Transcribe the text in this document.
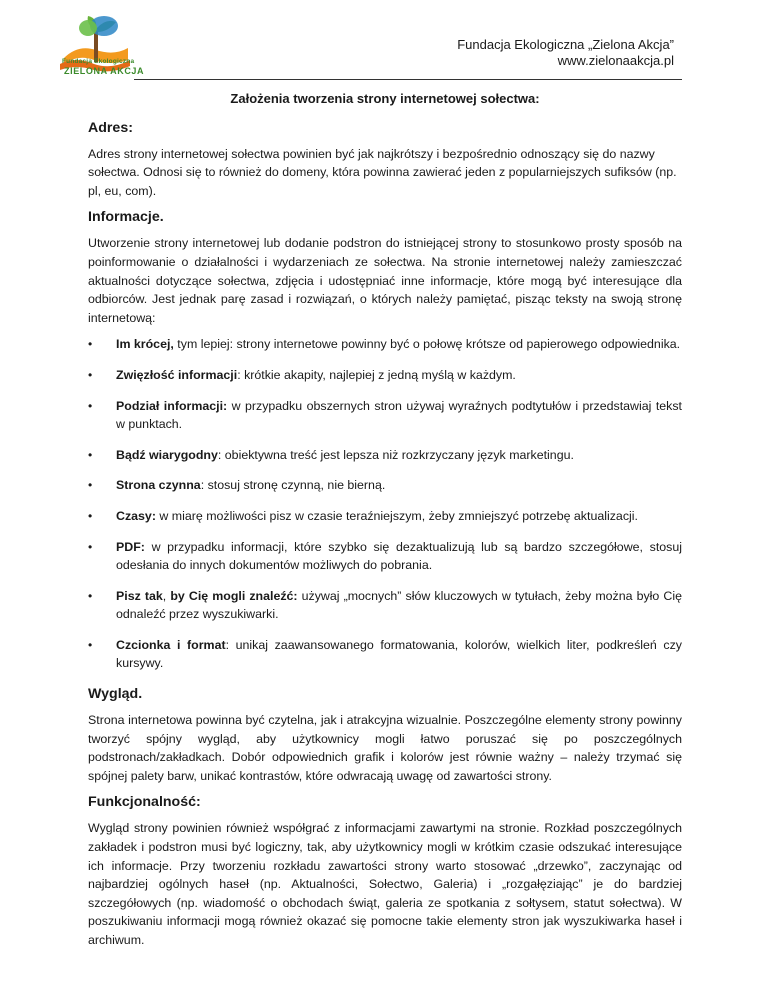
Fundacja Ekologiczna
ZIELONA AKCJA
Fundacja Ekologiczna „Zielona Akcja”
www.zielonaakcja.pl
Założenia tworzenia strony internetowej sołectwa:
Adres:

Adres strony internetowej sołectwa powinien być jak najkrótszy i bezpośrednio odnoszący się do nazwy sołectwa. Odnosi się to również do domeny, która powinna zawierać jeden z popularniejszych sufiksów (np. pl, eu, com).

Informacje.

Utworzenie strony internetowej lub dodanie podstron do istniejącej strony to stosunkowo prosty sposób na poinformowanie o działalności i wydarzeniach ze sołectwa. Na stronie internetowej należy zamieszczać aktualności dotyczące sołectwa, zdjęcia i udostępniać inne informacje, które mogą być interesujące dla odbiorców. Jest jednak parę zasad i rozwiązań, o których należy pamiętać, pisząc teksty na swoją stronę internetową:

• Im krócej, tym lepiej: strony internetowe powinny być o połowę krótsze od papierowego odpowiednika.
• Zwięzłość informacji: krótkie akapity, najlepiej z jedną myślą w każdym.
• Podział informacji: w przypadku obszernych stron używaj wyraźnych podtytułów i przedstawiaj tekst w punktach.
• Bądź wiarygodny: obiektywna treść jest lepsza niż rozkrzyczany język marketingu.
• Strona czynna: stosuj stronę czynną, nie bierną.
• Czasy: w miarę możliwości pisz w czasie teraźniejszym, żeby zmniejszyć potrzebę aktualizacji.
• PDF: w przypadku informacji, które szybko się dezaktualizują lub są bardzo szczegółowe, stosuj odesłania do innych dokumentów możliwych do pobrania.
• Pisz tak, by Cię mogli znaleźć: używaj „mocnych” słów kluczowych w tytułach, żeby można było Cię odnaleźć przez wyszukiwarki.
• Czcionka i format: unikaj zaawansowanego formatowania, kolorów, wielkich liter, podkreśleń czy kursywy.
Wygląd.

Strona internetowa powinna być czytelna, jak i atrakcyjna wizualnie. Poszczególne elementy strony powinny tworzyć spójny wygląd, aby użytkownicy mogli łatwo poruszać się po poszczególnych podstronach/zakładkach. Dobór odpowiednich grafik i kolorów jest równie ważny – należy trzymać się spójnej palety barw, unikać kontrastów, które odwracają uwagę od zawartości strony.

Funkcjonalność:

Wygląd strony powinien również współgrać z informacjami zawartymi na stronie. Rozkład poszczególnych zakładek i podstron musi być logiczny, tak, aby użytkownicy mogli w krótkim czasie odszukać interesujące ich informacje. Przy tworzeniu rozkładu zawartości strony warto stosować „drzewko”, zaczynając od najbardziej ogólnych haseł (np. Aktualności, Sołectwo, Galeria) i „rozgałęziając” je do bardziej szczegółowych (np. wiadomość o obchodach świąt, galeria ze spotkania z sołtysem, statut sołectwa). W poszukiwaniu informacji mogą również okazać się pomocne takie elementy stron jak wyszukiwarka haseł i archiwum.
